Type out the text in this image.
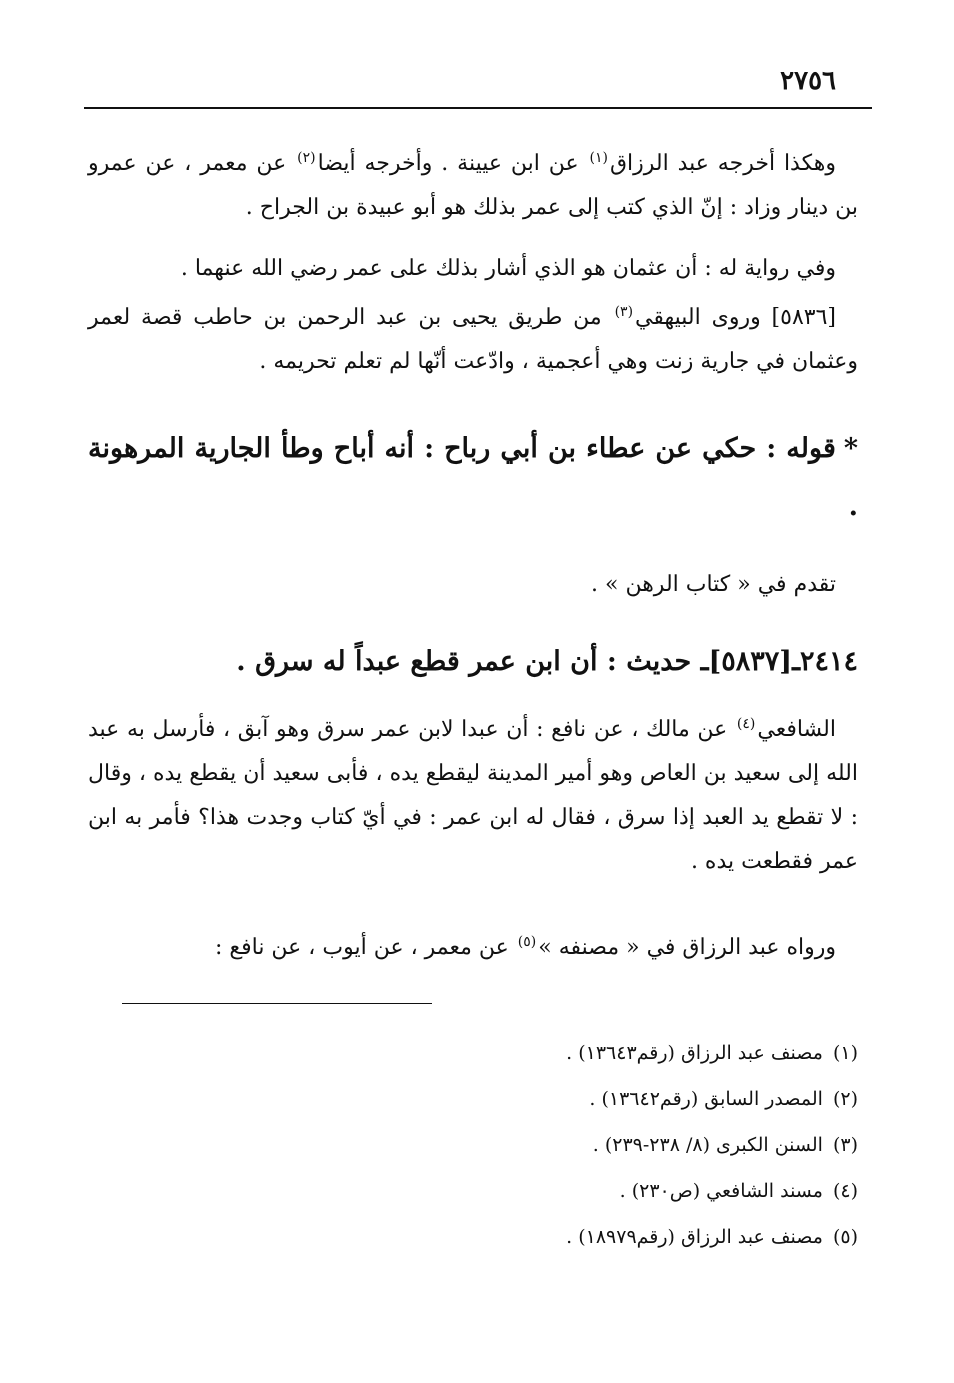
٢٧٥٦
وهكذا أخرجه عبد الرزاق$^{(١)}$ عن ابن عيينة . وأخرجه أيضا$^{(٢)}$ عن معمر ، عن عمرو بن دينار وزاد : إنّ الذي كتب إلى عمر بذلك هو أبو عبيدة بن الجراح .
وفي رواية له : أن عثمان هو الذي أشار بذلك على عمر رضي الله عنهما .
[٥٨٣٦] وروى البيهقي$^{(٣)}$ من طريق يحيى بن عبد الرحمن بن حاطب قصة لعمر وعثمان في جارية زنت وهي أعجمية ، وادّعت أنّها لم تعلم تحريمه .
*قوله : حكي عن عطاء بن أبي رباح : أنه أباح وطأ الجارية المرهونة .
تقدم في « كتاب الرهن » .
٢٤١٤ـ[٥٨٣٧]ـ حديث : أن ابن عمر قطع عبداً له سرق .
الشافعي$^{(٤)}$ عن مالك ، عن نافع : أن عبدا لابن عمر سرق وهو آبق ، فأرسل به عبد الله إلى سعيد بن العاص وهو أمير المدينة ليقطع يده ، فأبى سعيد أن يقطع يده ، وقال : لا تقطع يد العبد إذا سرق ، فقال له ابن عمر : في أيّ كتاب وجدت هذا؟ فأمر به ابن عمر فقطعت يده .
ورواه عبد الرزاق في « مصنفه »$^{(٥)}$ عن معمر ، عن أيوب ، عن نافع :
(١)مصنف عبد الرزاق (رقم١٣٦٤٣) .
(٢)المصدر السابق (رقم١٣٦٤٢) .
(٣)السنن الكبرى (٨/ ٢٣٨-٢٣٩) .
(٤)مسند الشافعي (ص٢٣٠) .
(٥)مصنف عبد الرزاق (رقم١٨٩٧٩) .
